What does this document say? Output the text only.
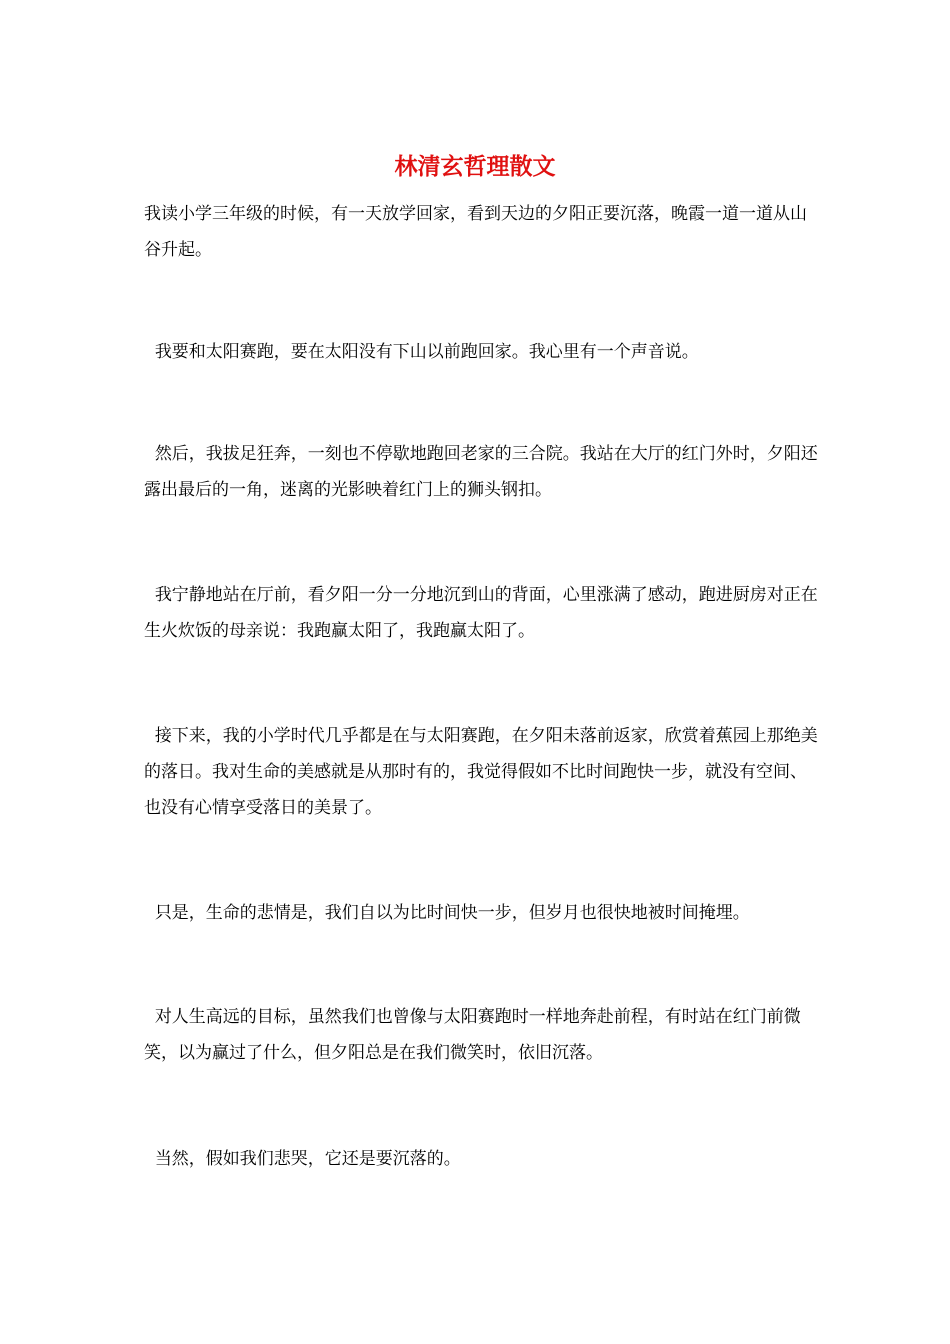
林清玄哲理散文

我读小学三年级的时候，有一天放学回家，看到天边的夕阳正要沉落，晚霞一道一道从山谷升起。

我要和太阳赛跑，要在太阳没有下山以前跑回家。我心里有一个声音说。

然后，我拔足狂奔，一刻也不停歇地跑回老家的三合院。我站在大厅的红门外时，夕阳还露出最后的一角，迷离的光影映着红门上的狮头钢扣。

我宁静地站在厅前，看夕阳一分一分地沉到山的背面，心里涨满了感动，跑进厨房对正在生火炊饭的母亲说：我跑赢太阳了，我跑赢太阳了。

接下来，我的小学时代几乎都是在与太阳赛跑，在夕阳未落前返家，欣赏着蕉园上那绝美的落日。我对生命的美感就是从那时有的，我觉得假如不比时间跑快一步，就没有空间、也没有心情享受落日的美景了。

只是，生命的悲情是，我们自以为比时间快一步，但岁月也很快地被时间掩埋。

对人生高远的目标，虽然我们也曾像与太阳赛跑时一样地奔赴前程，有时站在红门前微笑，以为赢过了什么，但夕阳总是在我们微笑时，依旧沉落。

当然，假如我们悲哭，它还是要沉落的。
